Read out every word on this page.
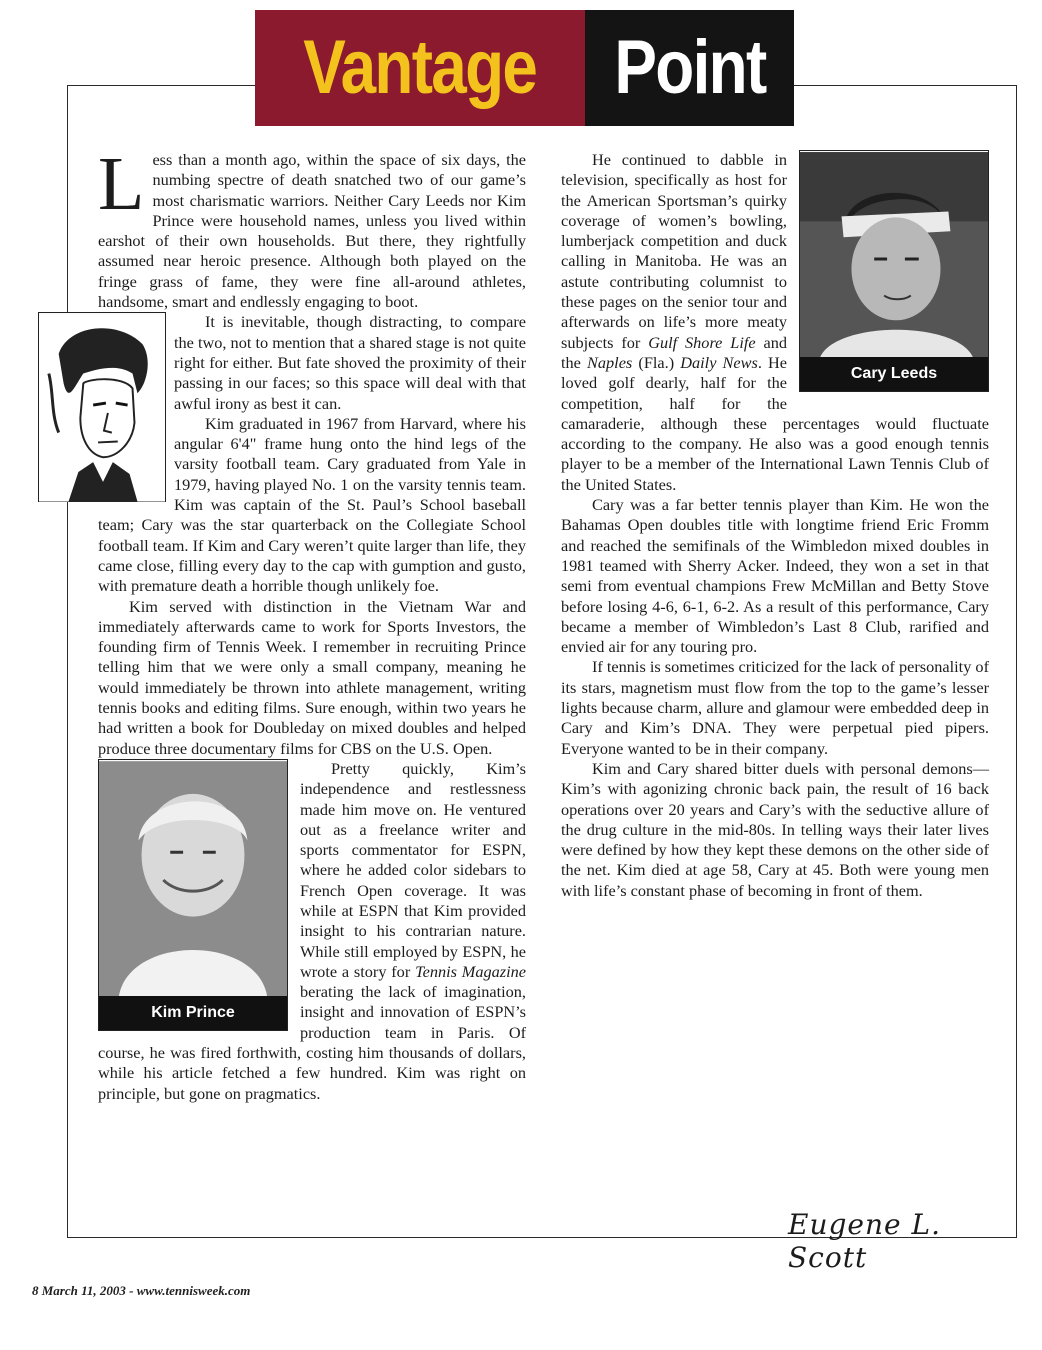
Vantage Point

Less than a month ago, within the space of six days, the numbing spectre of death snatched two of our game’s most charismatic warriors. Neither Cary Leeds nor Kim Prince were household names, unless you lived within earshot of their own households. But there, they rightfully assumed near heroic presence. Although both played on the fringe grass of fame, they were fine all-around athletes, handsome, smart and endlessly engaging to boot.

It is inevitable, though distracting, to compare the two, not to mention that a shared stage is not quite right for either. But fate shoved the proximity of their passing in our faces; so this space will deal with that awful irony as best it can.

Kim graduated in 1967 from Harvard, where his angular 6'4" frame hung onto the hind legs of the varsity football team. Cary graduated from Yale in 1979, having played No. 1 on the varsity tennis team. Kim was captain of the St. Paul’s School baseball team; Cary was the star quarterback on the Collegiate School football team. If Kim and Cary weren’t quite larger than life, they came close, filling every day to the cap with gumption and gusto, with premature death a horrible though unlikely foe.

Kim served with distinction in the Vietnam War and immediately afterwards came to work for Sports Investors, the founding firm of Tennis Week. I remember in recruiting Prince telling him that we were only a small company, meaning he would immediately be thrown into athlete management, writing tennis books and editing films. Sure enough, within two years he had written a book for Doubleday on mixed doubles and helped produce three documentary films for CBS on the U.S. Open.

Kim Prince

Pretty quickly, Kim’s independence and restlessness made him move on. He ventured out as a freelance writer and sports commentator for ESPN, where he added color sidebars to French Open coverage. It was while at ESPN that Kim provided insight to his contrarian nature. While still employed by ESPN, he wrote a story for Tennis Magazine berating the lack of imagination, insight and innovation of ESPN’s production team in Paris. Of course, he was fired forthwith, costing him thousands of dollars, while his article fetched a few hundred. Kim was right on principle, but gone on pragmatics.

Cary Leeds

He continued to dabble in television, specifically as host for the American Sportsman’s quirky coverage of women’s bowling, lumberjack competition and duck calling in Manitoba. He was an astute contributing columnist to these pages on the senior tour and afterwards on life’s more meaty subjects for Gulf Shore Life and the Naples (Fla.) Daily News. He loved golf dearly, half for the competition, half for the camaraderie, although these percentages would fluctuate according to the company. He also was a good enough tennis player to be a member of the International Lawn Tennis Club of the United States.

Cary was a far better tennis player than Kim. He won the Bahamas Open doubles title with longtime friend Eric Fromm and reached the semifinals of the Wimbledon mixed doubles in 1981 teamed with Sherry Acker. Indeed, they won a set in that semi from eventual champions Frew McMillan and Betty Stove before losing 4-6, 6-1, 6-2. As a result of this performance, Cary became a member of Wimbledon’s Last 8 Club, rarified and envied air for any touring pro.

If tennis is sometimes criticized for the lack of personality of its stars, magnetism must flow from the top to the game’s lesser lights because charm, allure and glamour were embedded deep in Cary and Kim’s DNA. They were perpetual pied pipers. Everyone wanted to be in their company.

Kim and Cary shared bitter duels with personal demons—Kim’s with agonizing chronic back pain, the result of 16 back operations over 20 years and Cary’s with the seductive allure of the drug culture in the mid-80s. In telling ways their later lives were defined by how they kept these demons on the other side of the net. Kim died at age 58, Cary at 45. Both were young men with life’s constant phase of becoming in front of them.

Eugene L. Scott
8 March 11, 2003 - www.tennisweek.com
